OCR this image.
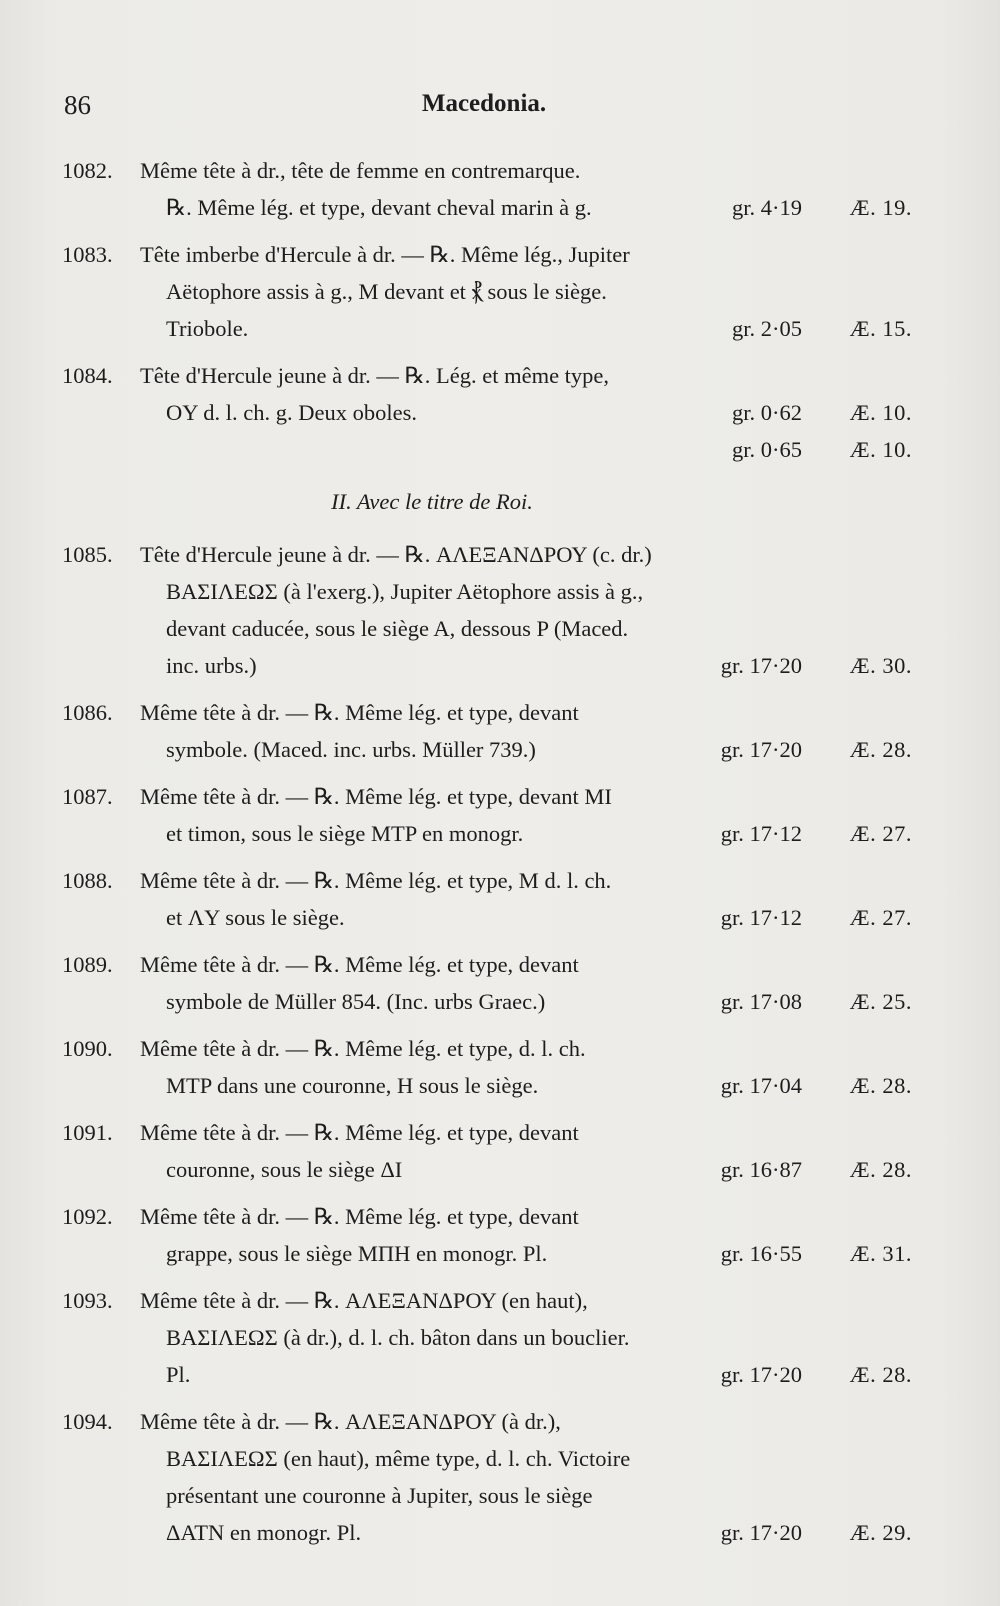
86	Macedonia.
1082.	Même tête à dr., tête de femme en contremarque.
℞. Même lég. et type, devant cheval marin à g.	gr. 4·19	Æ. 19.
1083.	Tête imberbe d'Hercule à dr. — ℞. Même lég., Jupiter
Aëtophore assis à g., M devant et ⳩ sous le siège.
Triobole.	gr. 2·05	Æ. 15.
1084.	Tête d'Hercule jeune à dr. — ℞. Lég. et même type,
OY d. l. ch. g. Deux oboles.	gr. 0·62	Æ. 10.
gr. 0·65	Æ. 10.
II. Avec le titre de Roi.
1085.	Tête d'Hercule jeune à dr. — ℞. ΑΛΕΞΑΝΔΡΟΥ (c. dr.)
ΒΑΣΙΛΕΩΣ (à l'exerg.), Jupiter Aëtophore assis à g.,
devant caducée, sous le siège A, dessous P (Maced.
inc. urbs.)	gr. 17·20	Æ. 30.
1086.	Même tête à dr. — ℞. Même lég. et type, devant
symbole. (Maced. inc. urbs. Müller 739.)	gr. 17·20	Æ. 28.
1087.	Même tête à dr. — ℞. Même lég. et type, devant MI
et timon, sous le siège MTP en monogr.	gr. 17·12	Æ. 27.
1088.	Même tête à dr. — ℞. Même lég. et type, M d. l. ch.
et ΛY sous le siège.	gr. 17·12	Æ. 27.
1089.	Même tête à dr. — ℞. Même lég. et type, devant
symbole de Müller 854. (Inc. urbs Graec.)	gr. 17·08	Æ. 25.
1090.	Même tête à dr. — ℞. Même lég. et type, d. l. ch.
MTP dans une couronne, H sous le siège.	gr. 17·04	Æ. 28.
1091.	Même tête à dr. — ℞. Même lég. et type, devant
couronne, sous le siège ΔI	gr. 16·87	Æ. 28.
1092.	Même tête à dr. — ℞. Même lég. et type, devant
grappe, sous le siège MΠH en monogr. Pl.	gr. 16·55	Æ. 31.
1093.	Même tête à dr. — ℞. ΑΛΕΞΑΝΔΡΟΥ (en haut),
ΒΑΣΙΛΕΩΣ (à dr.), d. l. ch. bâton dans un bouclier.
Pl.	gr. 17·20	Æ. 28.
1094.	Même tête à dr. — ℞. ΑΛΕΞΑΝΔΡΟΥ (à dr.),
ΒΑΣΙΛΕΩΣ (en haut), même type, d. l. ch. Victoire
présentant une couronne à Jupiter, sous le siège
ΔATN en monogr. Pl.	gr. 17·20	Æ. 29.
